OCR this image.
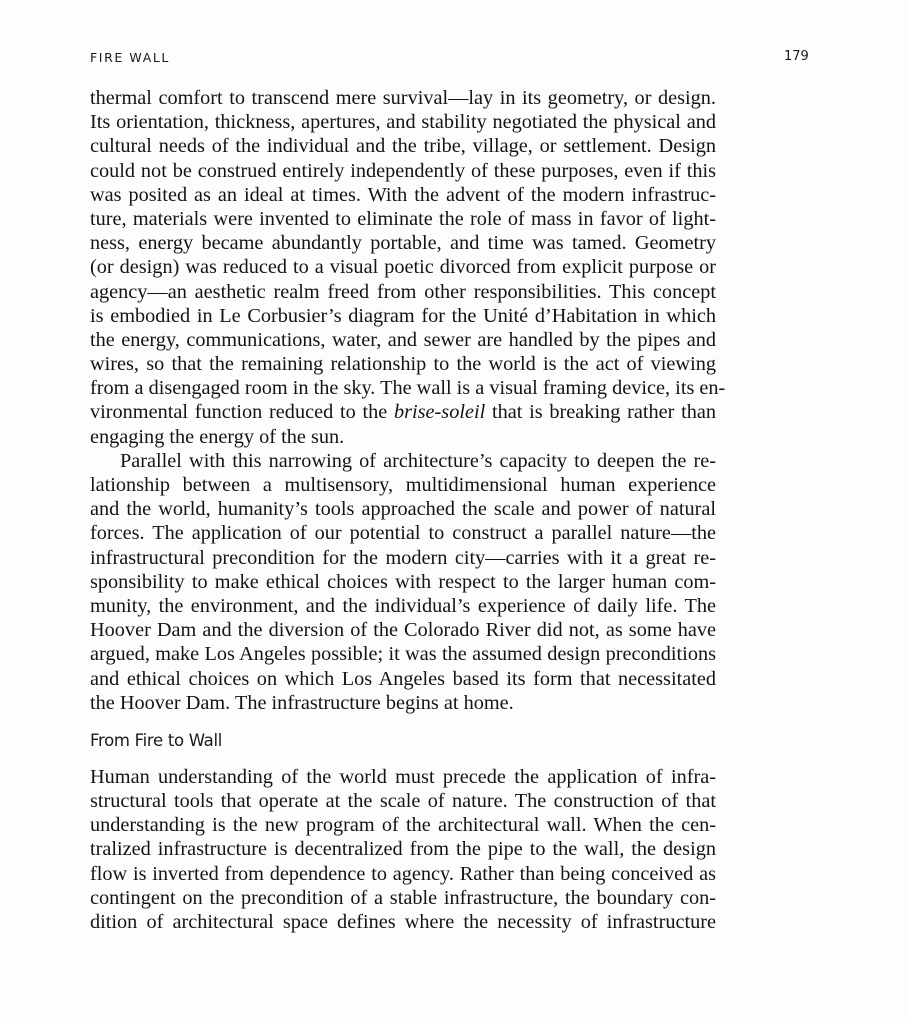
FIRE WALL	179
thermal comfort to transcend mere survival—lay in its geometry, or design.
Its orientation, thickness, apertures, and stability negotiated the physical and
cultural needs of the individual and the tribe, village, or settlement. Design
could not be construed entirely independently of these purposes, even if this
was posited as an ideal at times. With the advent of the modern infrastruc-
ture, materials were invented to eliminate the role of mass in favor of light-
ness, energy became abundantly portable, and time was tamed. Geometry
(or design) was reduced to a visual poetic divorced from explicit purpose or
agency—an aesthetic realm freed from other responsibilities. This concept
is embodied in Le Corbusier’s diagram for the Unité d’Habitation in which
the energy, communications, water, and sewer are handled by the pipes and
wires, so that the remaining relationship to the world is the act of viewing
from a disengaged room in the sky. The wall is a visual framing device, its en-
vironmental function reduced to the brise-soleil that is breaking rather than
engaging the energy of the sun.
Parallel with this narrowing of architecture’s capacity to deepen the re-
lationship between a multisensory, multidimensional human experience
and the world, humanity’s tools approached the scale and power of natural
forces. The application of our potential to construct a parallel nature—the
infrastructural precondition for the modern city—carries with it a great re-
sponsibility to make ethical choices with respect to the larger human com-
munity, the environment, and the individual’s experience of daily life. The
Hoover Dam and the diversion of the Colorado River did not, as some have
argued, make Los Angeles possible; it was the assumed design preconditions
and ethical choices on which Los Angeles based its form that necessitated
the Hoover Dam. The infrastructure begins at home.
From Fire to Wall
Human understanding of the world must precede the application of infra-
structural tools that operate at the scale of nature. The construction of that
understanding is the new program of the architectural wall. When the cen-
tralized infrastructure is decentralized from the pipe to the wall, the design
flow is inverted from dependence to agency. Rather than being conceived as
contingent on the precondition of a stable infrastructure, the boundary con-
dition of architectural space defines where the necessity of infrastructure
